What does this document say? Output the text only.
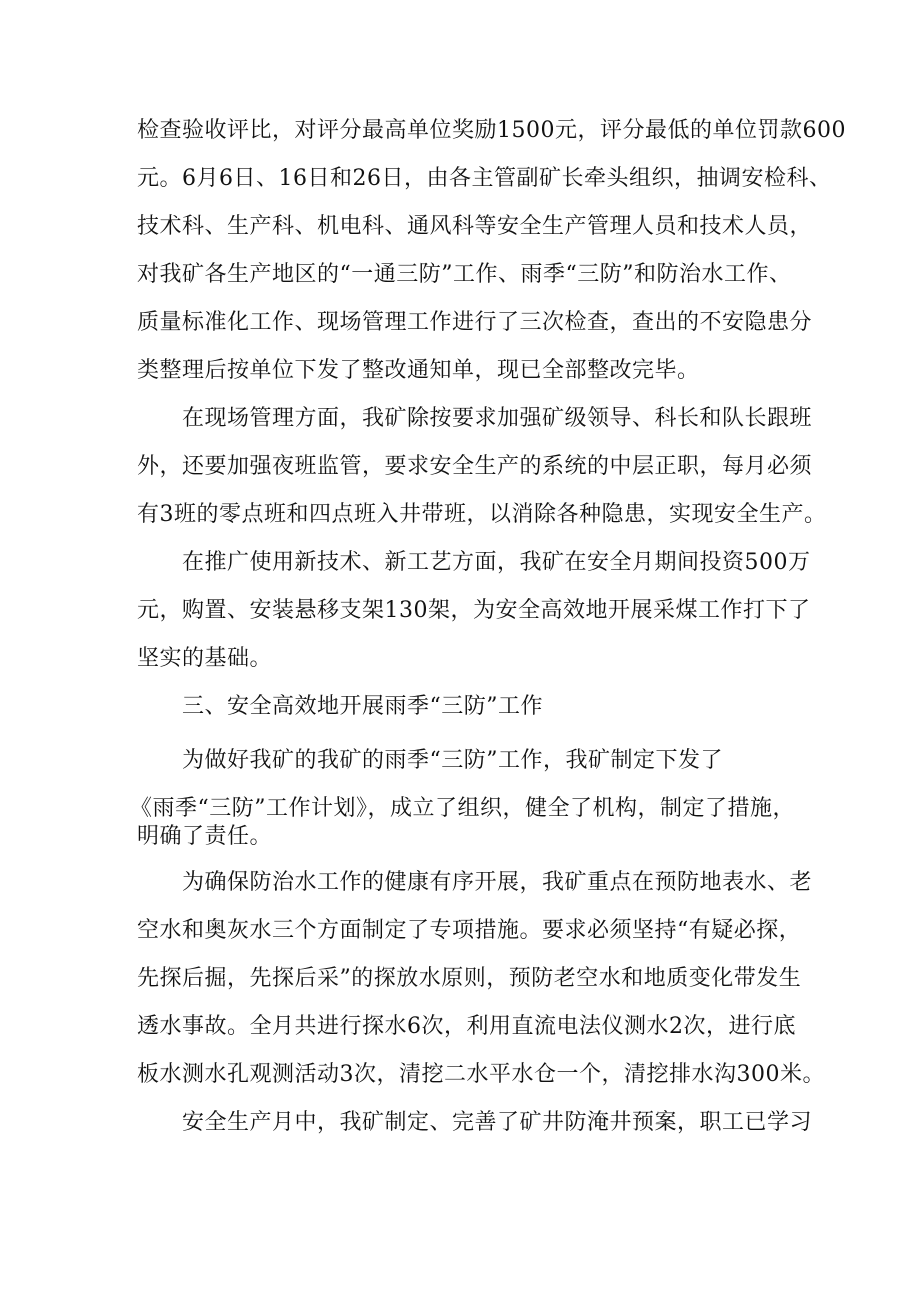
检查验收评比，对评分最高单位奖励1500元，评分最低的单位罚款600
元。6月6日、16日和26日，由各主管副矿长牵头组织，抽调安检科、
技术科、生产科、机电科、通风科等安全生产管理人员和技术人员，
对我矿各生产地区的“一通三防”工作、雨季“三防”和防治水工作、
质量标准化工作、现场管理工作进行了三次检查，查出的不安隐患分
类整理后按单位下发了整改通知单，现已全部整改完毕。
在现场管理方面，我矿除按要求加强矿级领导、科长和队长跟班
外，还要加强夜班监管，要求安全生产的系统的中层正职，每月必须
有3班的零点班和四点班入井带班，以消除各种隐患，实现安全生产。
在推广使用新技术、新工艺方面，我矿在安全月期间投资500万
元，购置、安装悬移支架130架，为安全高效地开展采煤工作打下了
坚实的基础。
三、安全高效地开展雨季“三防”工作
为做好我矿的我矿的雨季“三防”工作，我矿制定下发了
《雨季“三防”工作计划》，成立了组织，健全了机构，制定了措施，
明确了责任。
为确保防治水工作的健康有序开展，我矿重点在预防地表水、老
空水和奥灰水三个方面制定了专项措施。要求必须坚持“有疑必探，
先探后掘，先探后采”的探放水原则，预防老空水和地质变化带发生
透水事故。全月共进行探水6次，利用直流电法仪测水2次，进行底
板水测水孔观测活动3次，清挖二水平水仓一个，清挖排水沟300米。
安全生产月中，我矿制定、完善了矿井防淹井预案，职工已学习
